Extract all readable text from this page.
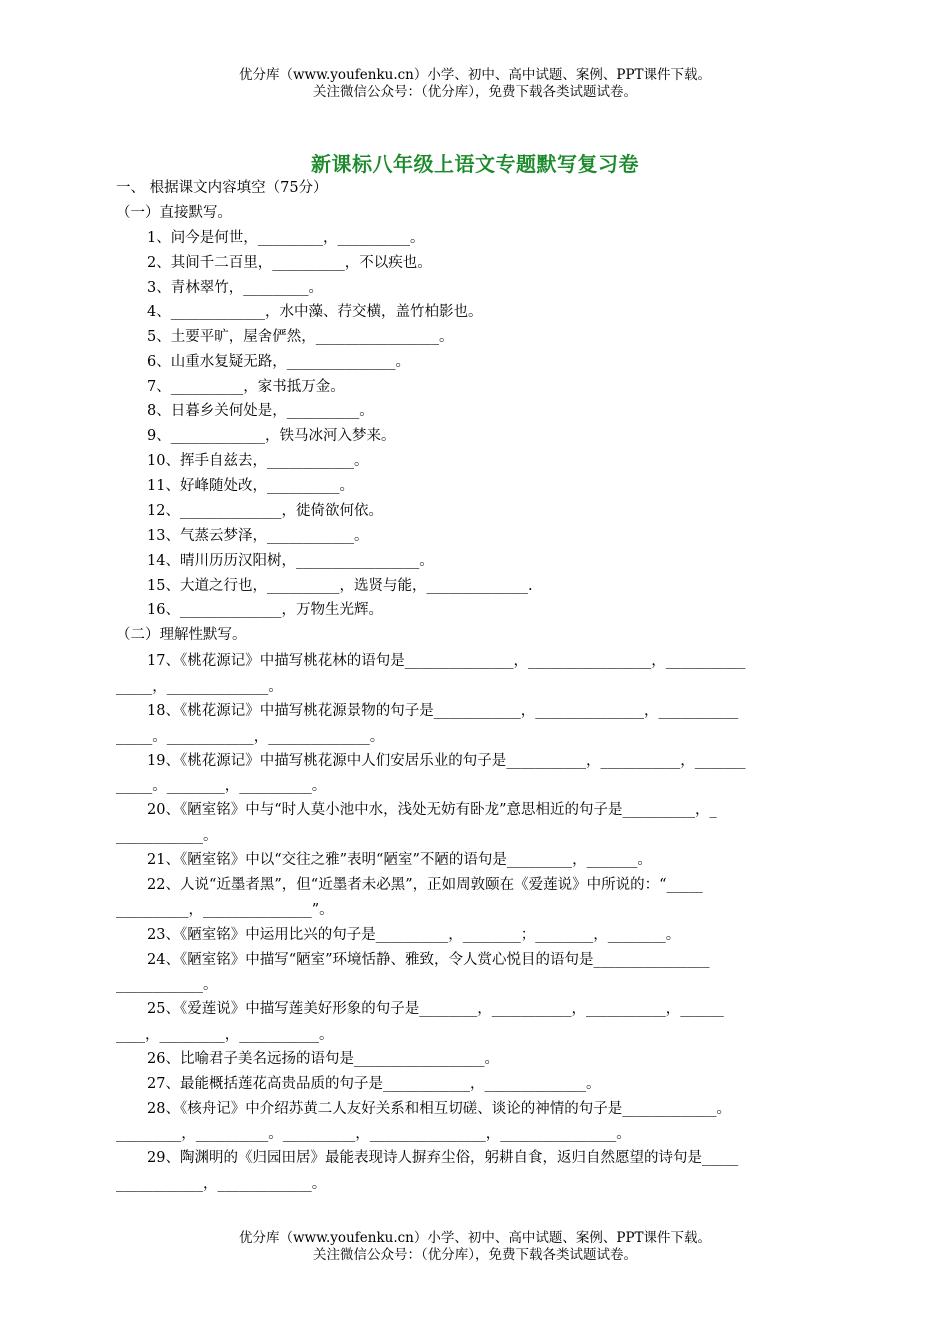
优分库（www.youfenku.cn）小学、初中、高中试题、案例、PPT课件下载。
关注微信公众号：（优分库），免费下载各类试题试卷。
新课标八年级上语文专题默写复习卷
一、 根据课文内容填空（75分）
（一）直接默写。
1、问今是何世，_________，__________。
2、其间千二百里，__________，不以疾也。
3、青林翠竹，_________。
4、_____________，水中藻、荇交横，盖竹柏影也。
5、土要平旷，屋舍俨然，_________________。
6、山重水复疑无路，_______________。
7、__________，家书抵万金。
8、日暮乡关何处是，__________。
9、_____________，铁马冰河入梦来。
10、挥手自兹去，____________。
11、好峰随处改，__________。
12、______________，徙倚欲何依。
13、气蒸云梦泽，____________。
14、晴川历历汉阳树，_________________。
15、大道之行也，__________，选贤与能，______________.
16、______________，万物生光辉。
（二）理解性默写。
17、《桃花源记》中描写桃花林的语句是_______________，_________________，___________
_____，______________。
18、《桃花源记》中描写桃花源景物的句子是____________，_______________，___________
_____。____________，______________。
19、《桃花源记》中描写桃花源中人们安居乐业的句子是___________，___________，_______
_____。________，__________。
20、《陋室铭》中与“时人莫小池中水，浅处无妨有卧龙”意思相近的句子是__________，_
____________。
21、《陋室铭》中以“交往之雅”表明“陋室”不陋的语句是_________，_______。
22、人说“近墨者黑”，但“近墨者未必黑”，正如周敦颐在《爱莲说》中所说的：“_____
__________，_______________”。
23、《陋室铭》中运用比兴的句子是__________，________；________，________。
24、《陋室铭》中描写“陋室”环境恬静、雅致，令人赏心悦目的语句是________________
____________。
25、《爱莲说》中描写莲美好形象的句子是________，___________，___________，______
____，_________，___________。
26、比喻君子美名远扬的语句是__________________。
27、最能概括莲花高贵品质的句子是____________，______________。
28、《核舟记》中介绍苏黄二人友好关系和相互切磋、谈论的神情的句子是_____________。
_________，__________。__________，________________，________________。
29、陶渊明的《归园田居》最能表现诗人摒弃尘俗，躬耕自食，返归自然愿望的诗句是_____
____________，_____________。
优分库（www.youfenku.cn）小学、初中、高中试题、案例、PPT课件下载。
关注微信公众号：（优分库），免费下载各类试题试卷。
